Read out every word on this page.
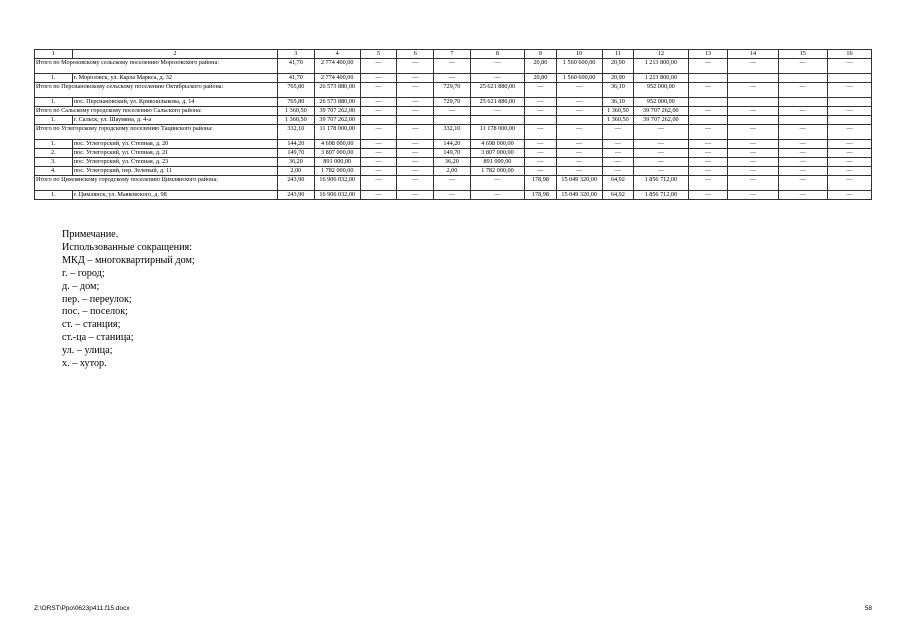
1	2	3	4	5	6	7	8	9	10	11	12	13	14	15	16
Итого по Морозовскому сельскому поселению Морозовского района:		41,70	2 774 400,00	—	—	—	—	20,80	1 560 600,00	20,90	1 213 800,00	—	—	—	—
1.	г. Морозовск, ул. Карла Маркса, д. 32	41,70	2 774 400,00	—	—	—	—	20,80	1 560 600,00	20,90	1 213 800,00				
Итого по Персиановскому сельскому поселению Октябрьского района:		765,80	26 573 880,00	—	—	729,70	25 621 880,00	—	—	36,10	952 000,00	—	—	—	—
1.	пос. Персиановский, ул. Кривошлыкова, д. 14	765,80	26 573 880,00	—	—	729,70	25 621 880,00	—	—	36,10	952 000,00				
Итого по Сальскому городскому поселению Сальского района:		1 360,50	39 707 262,00	—	—	—	—	—	—	1 360,50	39 707 262,00	—	—	—	—
1.	г. Сальск, ул. Шаумяна, д. 4-а	1 360,50	39 707 262,00							1 360,50	39 707 262,00				
Итого по Углегорскому городскому поселению Тацинского района:		332,10	11 178 000,00	—	—	332,10	11 178 000,00	—	—	—	—	—	—	—	—
1.	пос. Углегорский, ул. Степная, д. 20	144,20	4 698 000,00	—	—	144,20	4 698 000,00	—	—	—	—	—	—	—	—
2.	пос. Углегорский, ул. Степная, д. 21	149,70	3 807 000,00	—	—	149,70	3 807 000,00	—	—	—	—	—	—	—	—
3.	пос. Углегорский, ул. Степная, д. 23	36,20	891 000,00	—	—	36,20	891 000,00	—	—	—	—	—	—	—	—
4.	пос. Углегорский, пер. Зеленый, д. 11	2,00	1 782 000,00	—	—	2,00	1 782 000,00	—	—	—	—	—	—	—	—
Итого по Цимлянскому городскому поселению Цимлянского района:		243,90	16 906 032,00	—	—	—	—	178,98	15 049 320,00	64,92	1 856 712,00	—	—	—	—
1.	г. Цимлянск, ул. Маяковского, д. 98	243,90	16 906 032,00	—	—	—	—	178,98	15 049 320,00	64,92	1 856 712,00	—	—	—	—
Примечание.
Использованные сокращения:
МКД – многоквартирный дом;
г. – город;
д. – дом;
пер. – переулок;
пос. – поселок;
ст. – станция;
ст.-ца – станица;
ул. – улица;
х. – хутор.
Z:\ORST\Ppo\0623p411.f15.docx	58
